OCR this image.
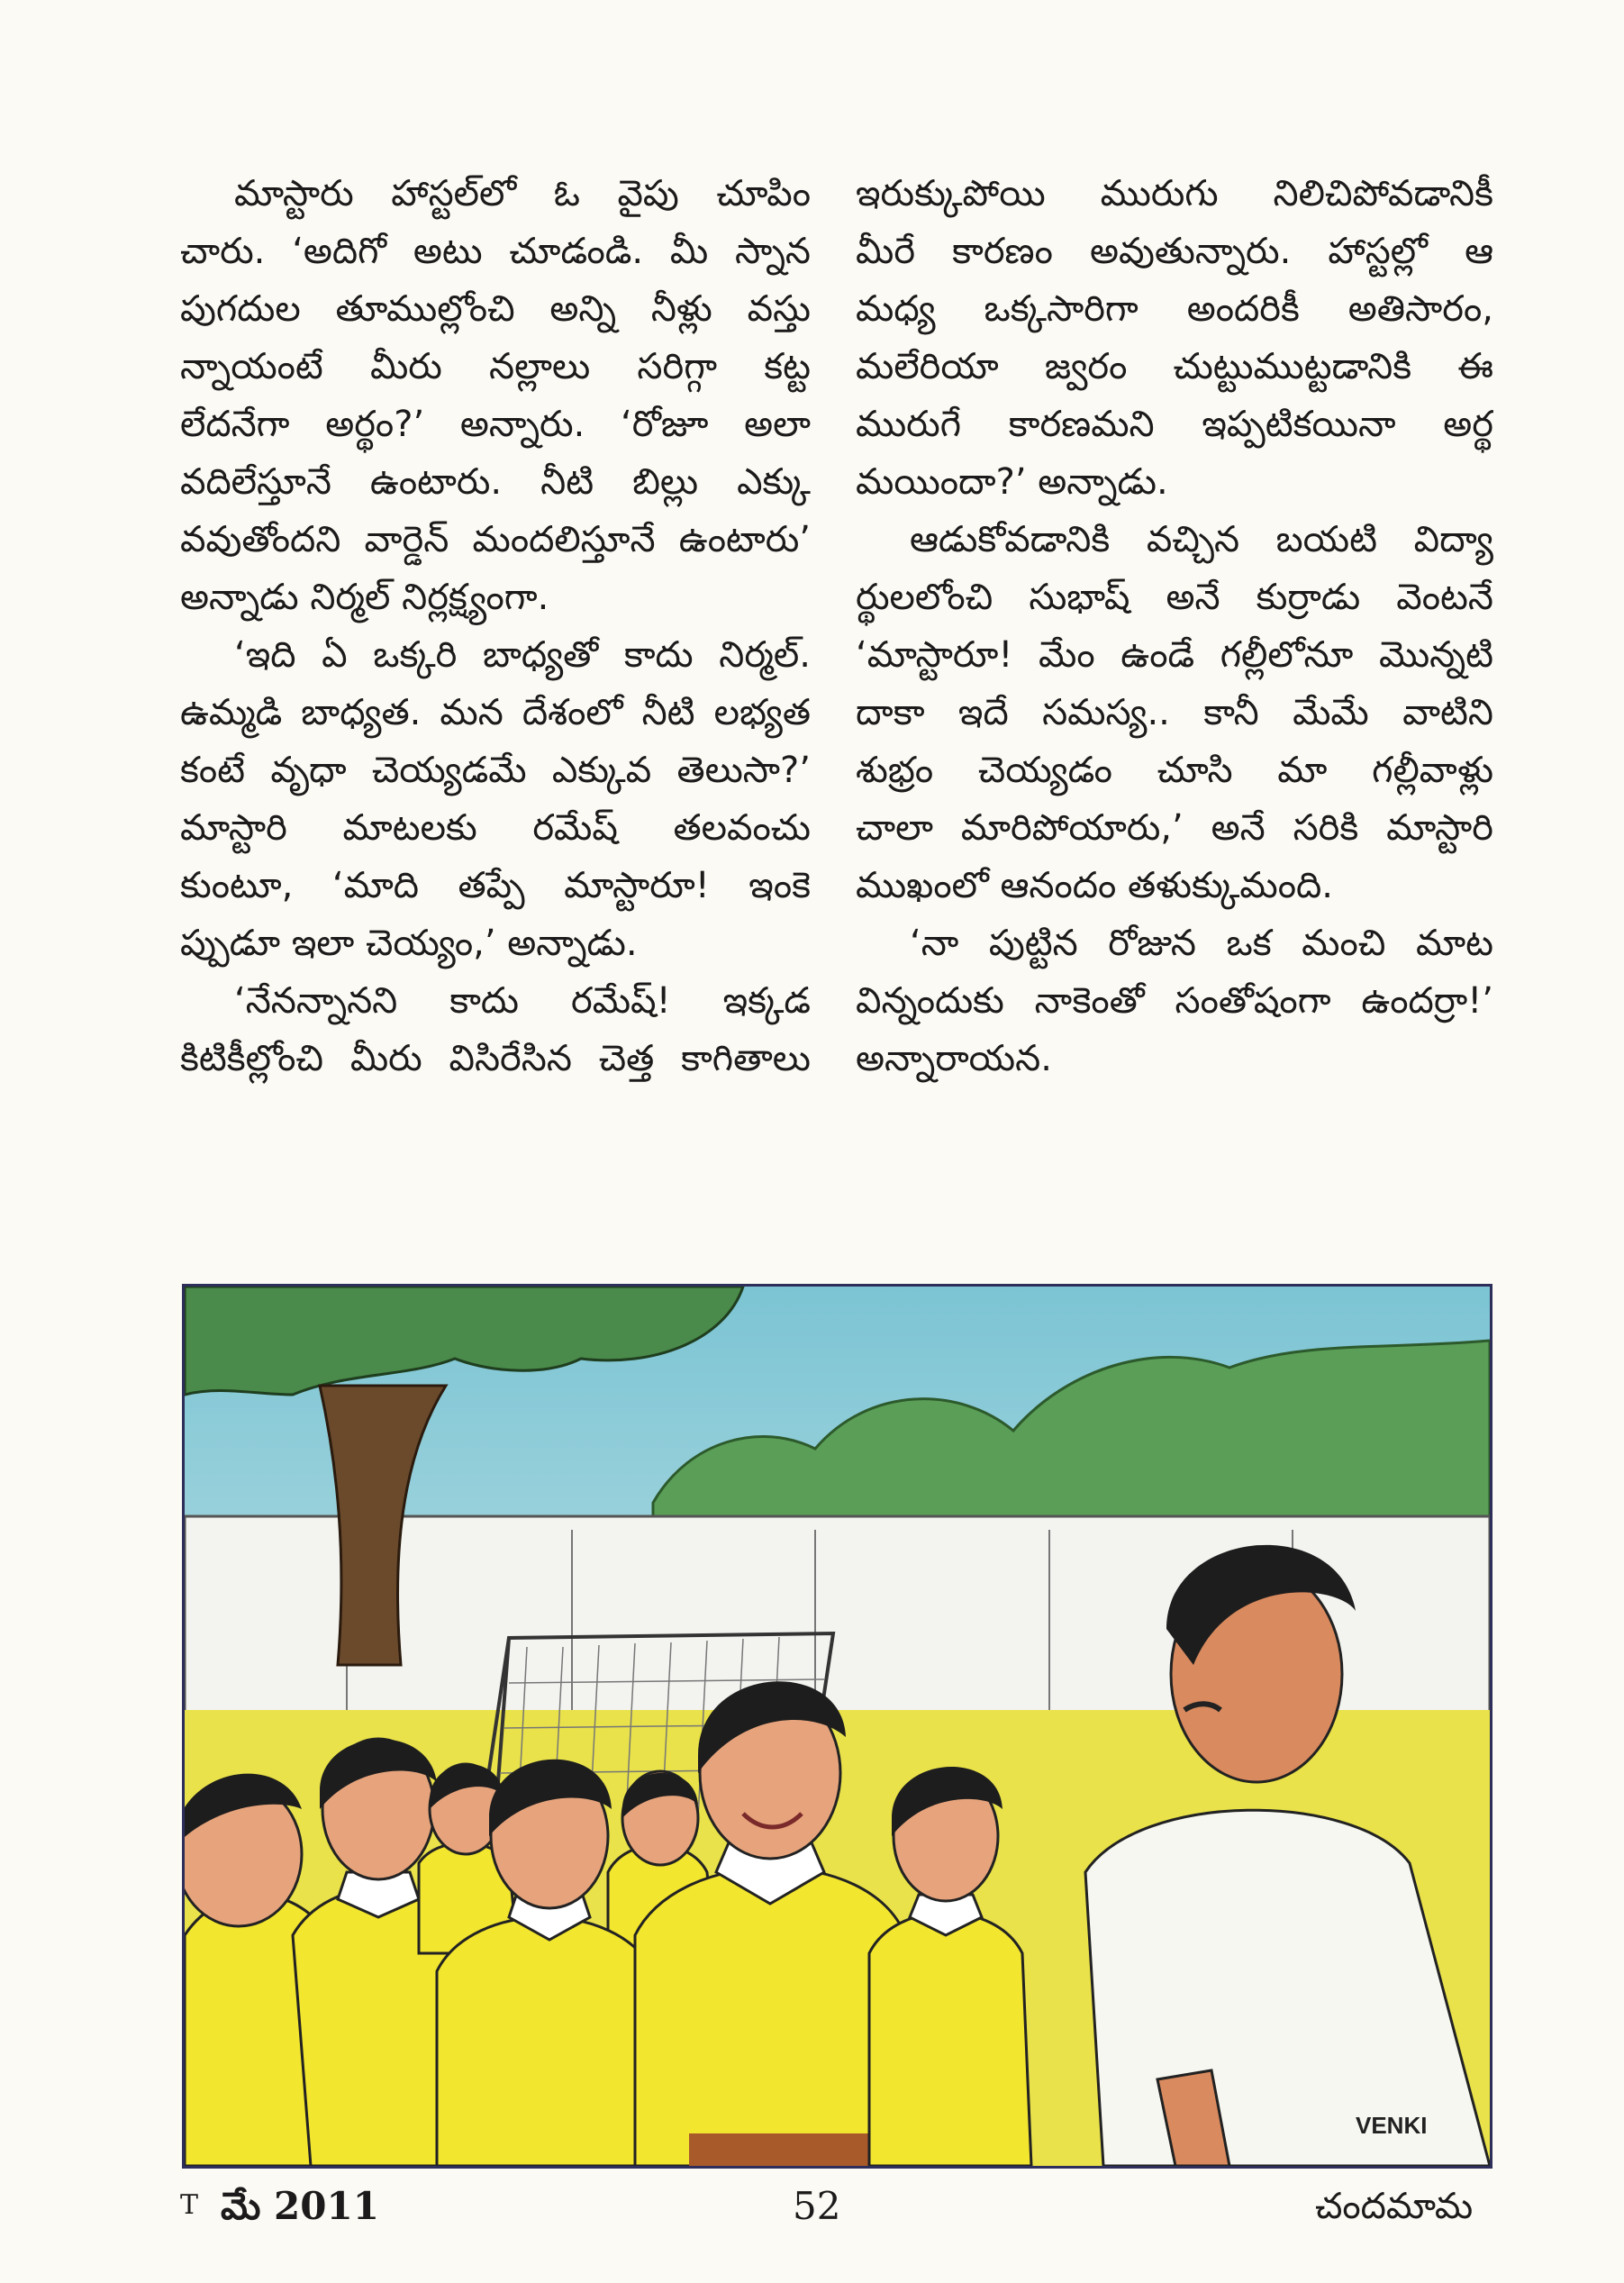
మాస్టారు హాస్టల్‌లో ఓ వైపు చూపిం
చారు. ‘అదిగో అటు చూడండి. మీ స్నాన
పుగదుల తూముల్లోంచి అన్ని నీళ్లు వస్తు
న్నాయంటే మీరు నల్లాలు సరిగ్గా కట్ట
లేదనేగా అర్థం?’ అన్నారు. ‘రోజూ అలా
వదిలేస్తూనే ఉంటారు. నీటి బిల్లు ఎక్కు
వవుతోందని వార్డెన్ మందలిస్తూనే ఉంటారు’
అన్నాడు నిర్మల్ నిర్లక్ష్యంగా.
‘ఇది ఏ ఒక్కరి బాధ్యతో కాదు నిర్మల్.
ఉమ్మడి బాధ్యత. మన దేశంలో నీటి లభ్యత
కంటే వృధా చెయ్యడమే ఎక్కువ తెలుసా?’
మాస్టారి మాటలకు రమేష్ తలవంచు
కుంటూ, ‘మాది తప్పే మాస్టారూ! ఇంకె
ప్పుడూ ఇలా చెయ్యం,’ అన్నాడు.
‘నేనన్నానని కాదు రమేష్! ఇక్కడ
కిటికీల్లోంచి మీరు విసిరేసిన చెత్త కాగితాలు
ఇరుక్కుపోయి మురుగు నిలిచిపోవడానికీ
మీరే కారణం అవుతున్నారు. హాస్టల్లో ఆ
మధ్య ఒక్కసారిగా అందరికీ అతిసారం,
మలేరియా జ్వరం చుట్టుముట్టడానికి ఈ
మురుగే కారణమని ఇప్పటికయినా అర్థ
మయిందా?’ అన్నాడు.
ఆడుకోవడానికి వచ్చిన బయటి విద్యా
ర్థులలోంచి సుభాష్ అనే కుర్రాడు వెంటనే
‘మాస్టారూ! మేం ఉండే గల్లీలోనూ మొన్నటి
దాకా ఇదే సమస్య.. కానీ మేమే వాటిని
శుభ్రం చెయ్యడం చూసి మా గల్లీవాళ్లు
చాలా మారిపోయారు,’ అనే సరికి మాస్టారి
ముఖంలో ఆనందం తళుక్కుమంది.
‘నా పుట్టిన రోజున ఒక మంచి మాట
విన్నందుకు నాకెంతో సంతోషంగా ఉందర్రా!’
అన్నారాయన.
VENKI
T మే 2011	52	చందమామ
